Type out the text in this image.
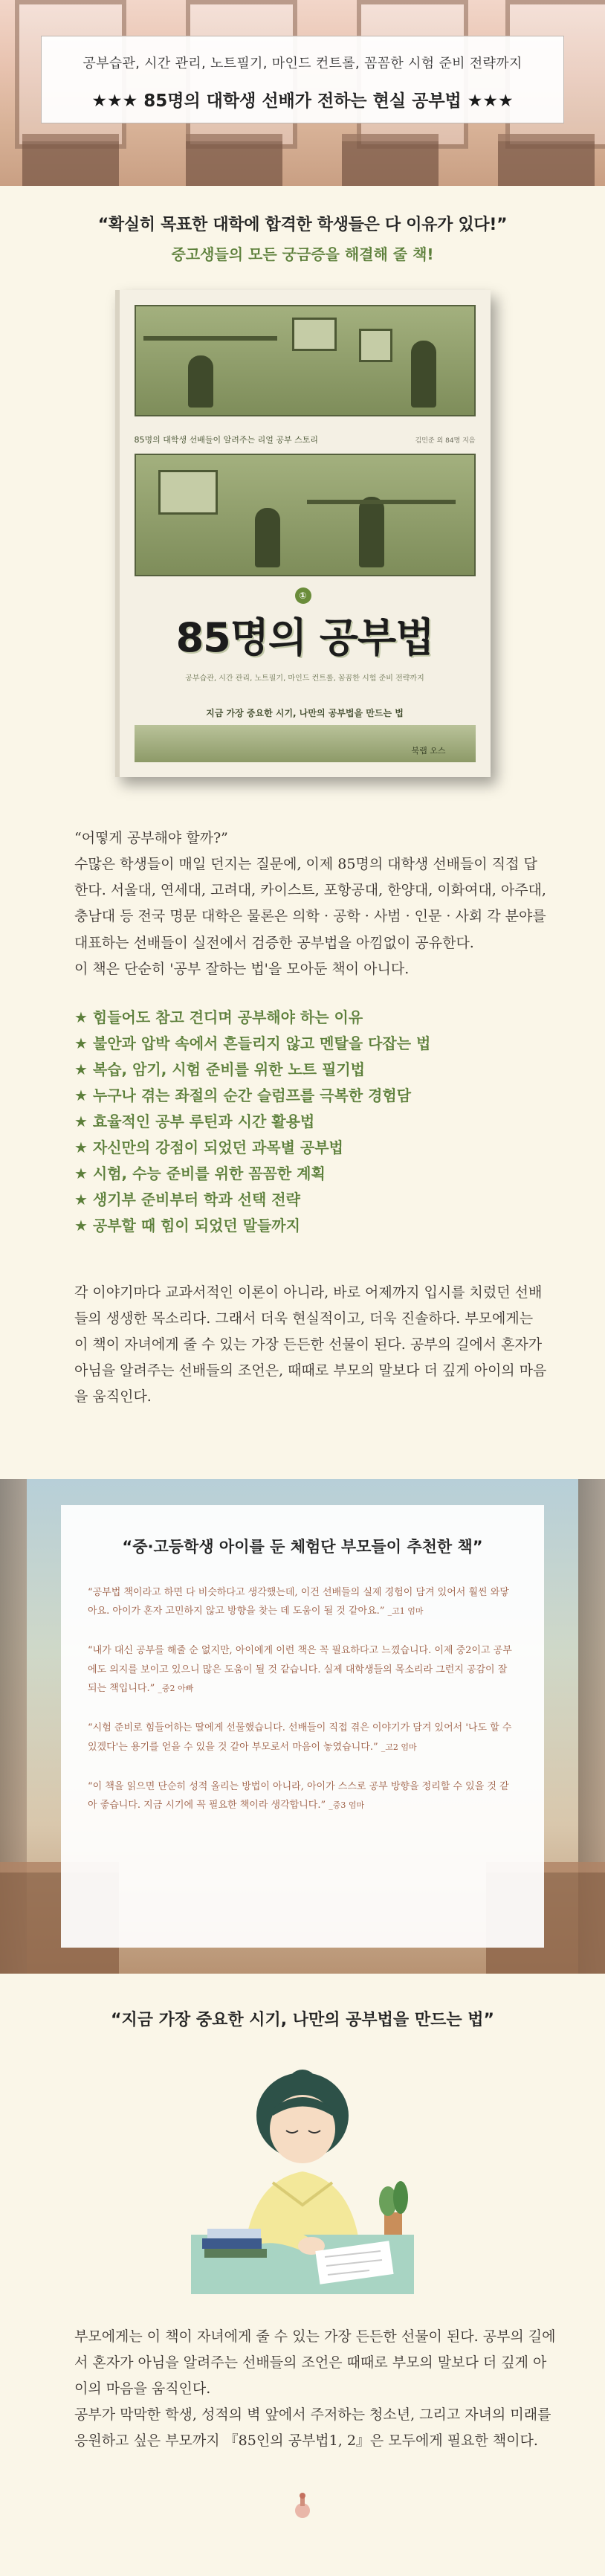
공부습관, 시간 관리, 노트필기, 마인드 컨트롤, 꼼꼼한 시험 준비 전략까지
★★★ 85명의 대학생 선배가 전하는 현실 공부법 ★★★
“확실히 목표한 대학에 합격한 학생들은 다 이유가 있다!”
중고생들의 모든 궁금증을 해결해 줄 책!
85명의 대학생 선배들이 알려주는 리얼 공부 스토리	김민준 외 84명 지음
①
85명의 공부법
공부습관, 시간 관리, 노트필기, 마인드 컨트롤, 꼼꼼한 시험 준비 전략까지
지금 가장 중요한 시기, 나만의 공부법을 만드는 법
북랩 오스

“어떻게 공부해야 할까?”

수많은 학생들이 매일 던지는 질문에, 이제 85명의 대학생 선배들이 직접 답한다. 서울대, 연세대, 고려대, 카이스트, 포항공대, 한양대, 이화여대, 아주대, 충남대 등 전국 명문 대학은 물론은 의학 · 공학 · 사범 · 인문 · 사회 각 분야를 대표하는 선배들이 실전에서 검증한 공부법을 아낌없이 공유한다.

이 책은 단순히 '공부 잘하는 법'을 모아둔 책이 아니다.

★ 힘들어도 참고 견디며 공부해야 하는 이유
★ 불안과 압박 속에서 흔들리지 않고 멘탈을 다잡는 법
★ 복습, 암기, 시험 준비를 위한 노트 필기법
★ 누구나 겪는 좌절의 순간 슬럼프를 극복한 경험담
★ 효율적인 공부 루틴과 시간 활용법
★ 자신만의 강점이 되었던 과목별 공부법
★ 시험, 수능 준비를 위한 꼼꼼한 계획
★ 생기부 준비부터 학과 선택 전략
★ 공부할 때 힘이 되었던 말들까지

각 이야기마다 교과서적인 이론이 아니라, 바로 어제까지 입시를 치렀던 선배들의 생생한 목소리다. 그래서 더욱 현실적이고, 더욱 진솔하다. 부모에게는 이 책이 자녀에게 줄 수 있는 가장 든든한 선물이 된다. 공부의 길에서 혼자가 아님을 알려주는 선배들의 조언은, 때때로 부모의 말보다 더 깊게 아이의 마음을 움직인다.

“중·고등학생 아이를 둔 체험단 부모들이 추천한 책”
“공부법 책이라고 하면 다 비슷하다고 생각했는데, 이건 선배들의 실제 경험이 담겨 있어서 훨씬 와닿아요. 아이가 혼자 고민하지 않고 방향을 찾는 데 도움이 될 것 같아요.” _고1 엄마
“내가 대신 공부를 해줄 순 없지만, 아이에게 이런 책은 꼭 필요하다고 느꼈습니다. 이제 중2이고 공부에도 의지를 보이고 있으니 많은 도움이 될 것 같습니다. 실제 대학생들의 목소리라 그런지 공감이 잘 되는 책입니다.” _중2 아빠
“시험 준비로 힘들어하는 딸에게 선물했습니다. 선배들이 직접 겪은 이야기가 담겨 있어서 '나도 할 수 있겠다'는 용기를 얻을 수 있을 것 같아 부모로서 마음이 놓였습니다.” _고2 엄마
“이 책을 읽으면 단순히 성적 올리는 방법이 아니라, 아이가 스스로 공부 방향을 정리할 수 있을 것 같아 좋습니다. 지금 시기에 꼭 필요한 책이라 생각합니다.” _중3 엄마
“지금 가장 중요한 시기, 나만의 공부법을 만드는 법”

부모에게는 이 책이 자녀에게 줄 수 있는 가장 든든한 선물이 된다. 공부의 길에서 혼자가 아님을 알려주는 선배들의 조언은 때때로 부모의 말보다 더 깊게 아이의 마음을 움직인다.

공부가 막막한 학생, 성적의 벽 앞에서 주저하는 청소년, 그리고 자녀의 미래를 응원하고 싶은 부모까지 『85인의 공부법1, 2』은 모두에게 필요한 책이다.
